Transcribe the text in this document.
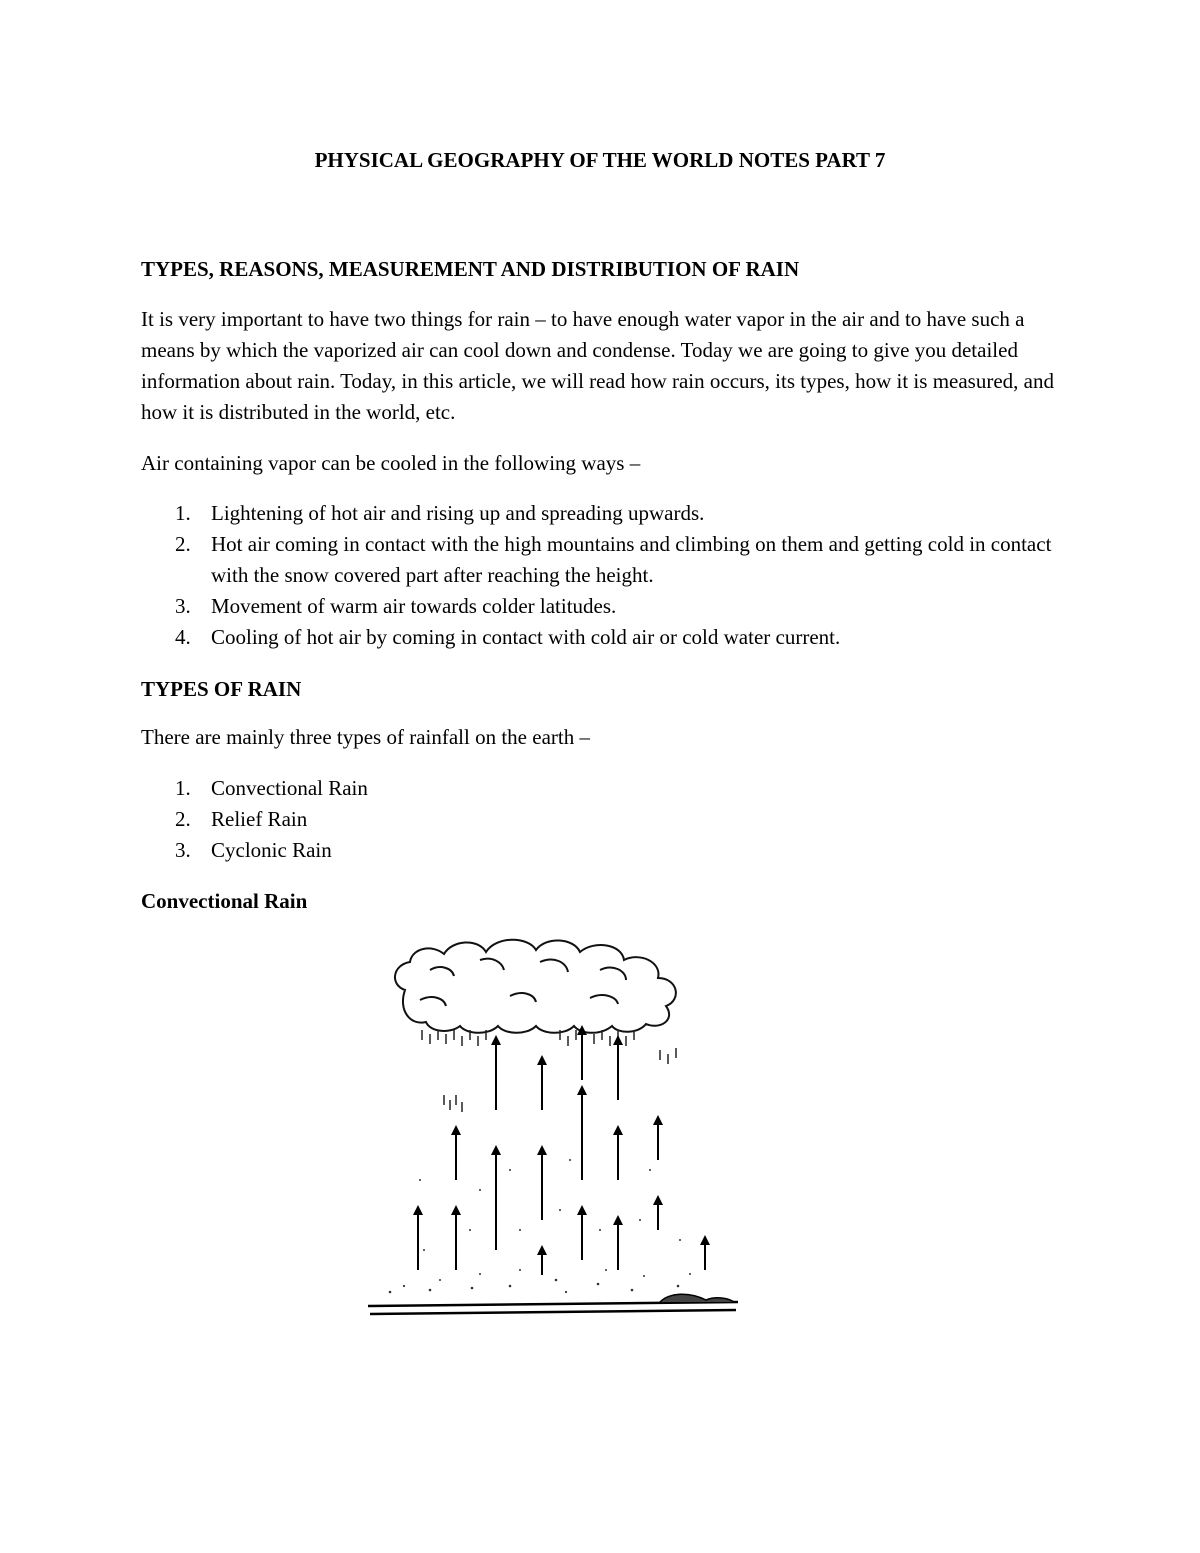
PHYSICAL GEOGRAPHY OF THE WORLD NOTES PART 7
TYPES, REASONS, MEASUREMENT AND DISTRIBUTION OF RAIN

It is very important to have two things for rain – to have enough water vapor in the air and to have such a means by which the vaporized air can cool down and condense. Today we are going to give you detailed information about rain. Today, in this article, we will read how rain occurs, its types, how it is measured, and how it is distributed in the world, etc.

Air containing vapor can be cooled in the following ways –

1. Lightening of hot air and rising up and spreading upwards.
2. Hot air coming in contact with the high mountains and climbing on them and getting cold in contact with the snow covered part after reaching the height.
3. Movement of warm air towards colder latitudes.
4. Cooling of hot air by coming in contact with cold air or cold water current.
TYPES OF RAIN

There are mainly three types of rainfall on the earth –

1. Convectional Rain
2. Relief Rain
3. Cyclonic Rain
Convectional Rain
